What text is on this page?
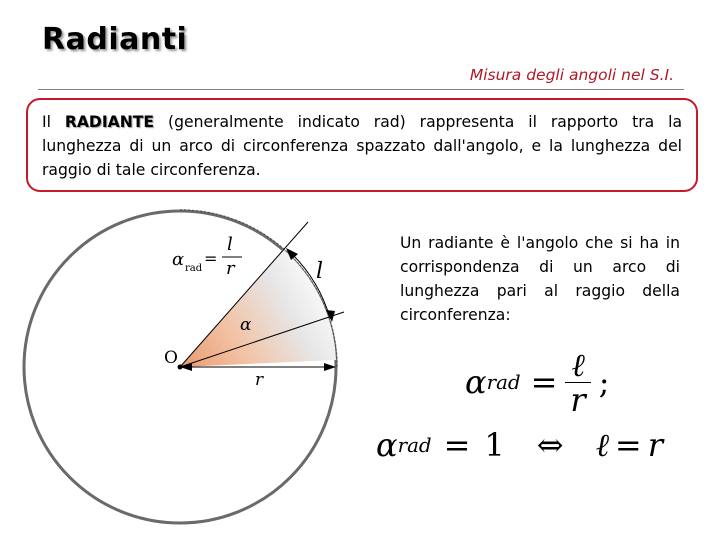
Radianti
Misura degli angoli nel S.I.
Il RADIANTE (generalmente indicato rad) rappresenta il rapporto tra la lunghezza di un arco di circonferenza spazzato dall'angolo, e la lunghezza del raggio di tale circonferenza.
O
r
l
α
α rad
=
l
r

Un radiante è l'angolo che si ha in corrispondenza di un arco di lunghezza pari al raggio della circonferenza:

α rad = $\frac{\text{ℓ}}{r}$ ;
α rad = 1 ⇔ ℓ = r
